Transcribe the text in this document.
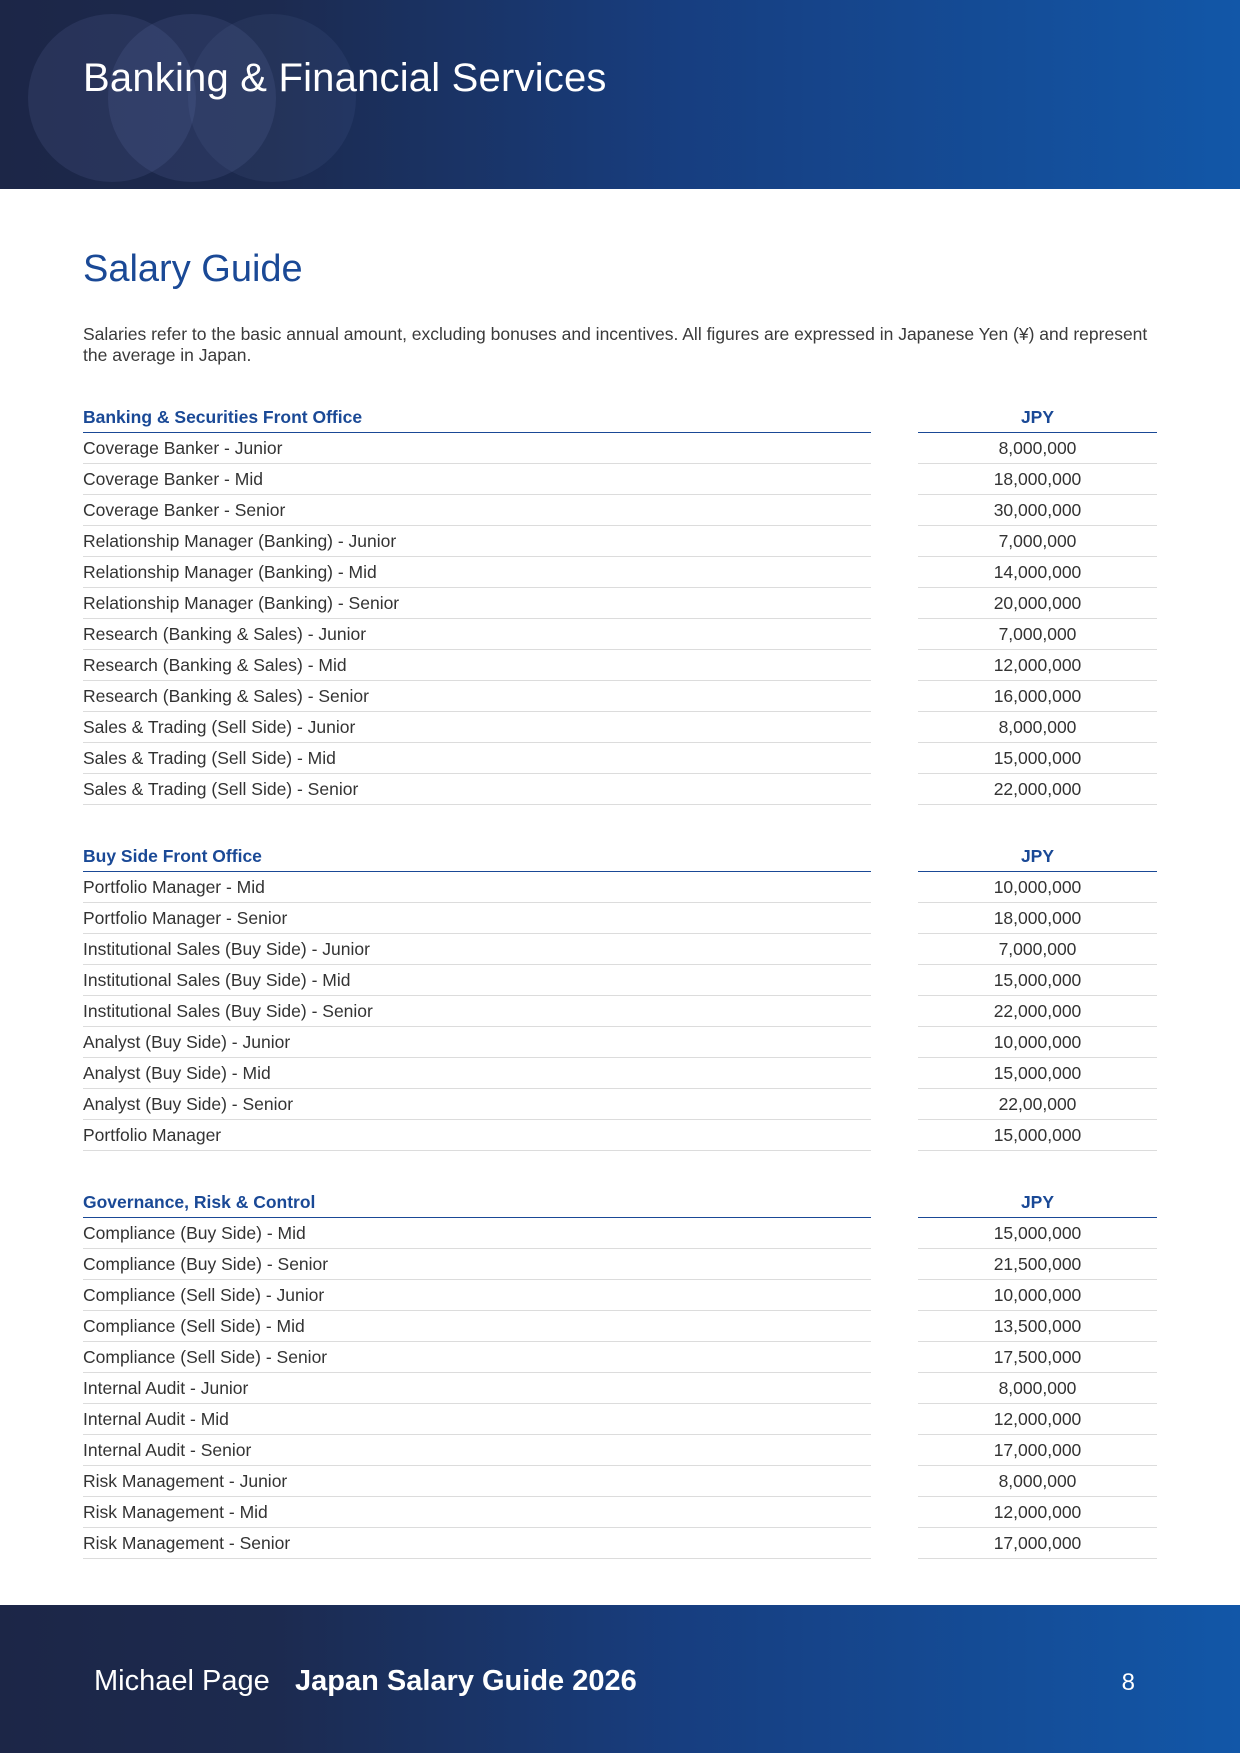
Banking & Financial Services
Salary Guide

Salaries refer to the basic annual amount, excluding bonuses and incentives. All figures are expressed in Japanese Yen (¥) and represent the average in Japan.

Banking & Securities Front Office	JPY
Coverage Banker - Junior	8,000,000
Coverage Banker - Mid	18,000,000
Coverage Banker - Senior	30,000,000
Relationship Manager (Banking) - Junior	7,000,000
Relationship Manager (Banking) - Mid	14,000,000
Relationship Manager (Banking) - Senior	20,000,000
Research (Banking & Sales) - Junior	7,000,000
Research (Banking & Sales) - Mid	12,000,000
Research (Banking & Sales) - Senior	16,000,000
Sales & Trading (Sell Side) - Junior	8,000,000
Sales & Trading (Sell Side) - Mid	15,000,000
Sales & Trading (Sell Side) - Senior	22,000,000
Buy Side Front Office	JPY
Portfolio Manager - Mid	10,000,000
Portfolio Manager - Senior	18,000,000
Institutional Sales (Buy Side) - Junior	7,000,000
Institutional Sales (Buy Side) - Mid	15,000,000
Institutional Sales (Buy Side) - Senior	22,000,000
Analyst (Buy Side) - Junior	10,000,000
Analyst (Buy Side) - Mid	15,000,000
Analyst (Buy Side) - Senior	22,00,000
Portfolio Manager	15,000,000
Governance, Risk & Control	JPY
Compliance (Buy Side) - Mid	15,000,000
Compliance (Buy Side) - Senior	21,500,000
Compliance (Sell Side) - Junior	10,000,000
Compliance (Sell Side) - Mid	13,500,000
Compliance (Sell Side) - Senior	17,500,000
Internal Audit - Junior	8,000,000
Internal Audit - Mid	12,000,000
Internal Audit - Senior	17,000,000
Risk Management - Junior	8,000,000
Risk Management - Mid	12,000,000
Risk Management - Senior	17,000,000
Michael Page Japan Salary Guide 2026	8
